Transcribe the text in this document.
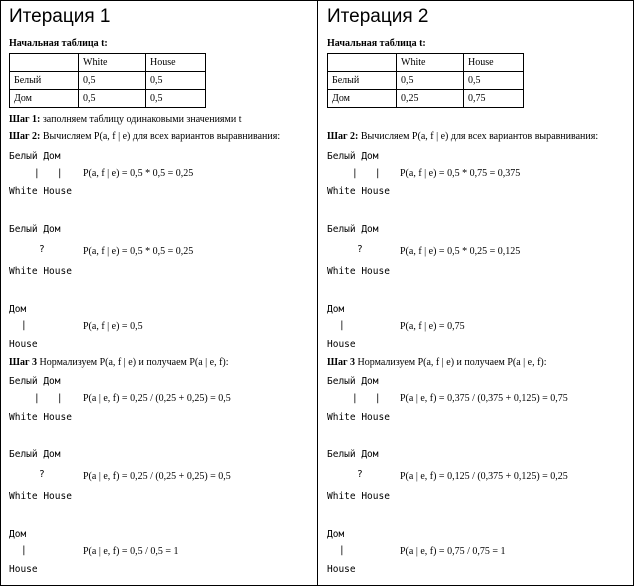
Итерация 1
Начальная таблица t:
	White	House
Белый	0,5	0,5
Дом	0,5	0,5
Шаг 1: заполняем таблицу одинаковыми значениями t
Шаг 2: Вычисляем P(a, f | e) для всех вариантов выравнивания:
Белый Дом
|   | P(a, f | e) = 0,5 * 0,5 = 0,25
White House
Белый Дом
?	P(a, f | e) = 0,5 * 0,5 = 0,25
White House
Дом
|	P(a, f | e) = 0,5
House
Шаг 3 Нормализуем P(a, f | e) и получаем P(a | e, f):
Белый Дом
|   | P(a | e, f) = 0,25 / (0,25 + 0,25) = 0,5
White House
Белый Дом
?	P(a | e, f) = 0,25 / (0,25 + 0,25) = 0,5
White House
Дом
|	P(a | e, f) = 0,5 / 0,5 = 1
House
Итерация 2
Начальная таблица t:
	White	House
Белый	0,5	0,5
Дом	0,25	0,75
Шаг 2: Вычисляем P(a, f | e) для всех вариантов выравнивания:
Белый Дом
|   | P(a, f | e) = 0,5 * 0,75 = 0,375
White House
Белый Дом
?	P(a, f | e) = 0,5 * 0,25 = 0,125
White House
Дом
|	P(a, f | e) = 0,75
House
Шаг 3 Нормализуем P(a, f | e) и получаем P(a | e, f):
Белый Дом
|   | P(a | e, f) = 0,375 / (0,375 + 0,125) = 0,75
White House
Белый Дом
?	P(a | e, f) = 0,125 / (0,375 + 0,125) = 0,25
White House
Дом
|	P(a | e, f) = 0,75 / 0,75 = 1
House
